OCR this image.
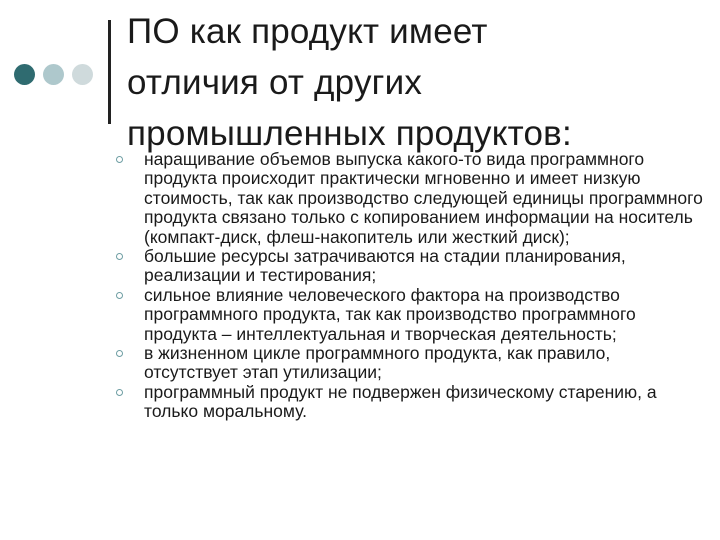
ПО как продукт имеет
отличия от других
промышленных продуктов:
наращивание объемов выпуска какого-то вида программного продукта происходит практически мгновенно и имеет низкую стоимость, так как производство следующей единицы программного продукта связано только с копированием информации на носитель (компакт-диск, флеш-накопитель или жесткий диск);
большие ресурсы затрачиваются на стадии планирования, реализации и тестирования;
сильное влияние человеческого фактора на производство программного продукта, так как производство программного продукта – интеллектуальная и творческая деятельность;
в жизненном цикле программного продукта, как правило, отсутствует этап утилизации;
программный продукт не подвержен физическому старению, а только моральному.
